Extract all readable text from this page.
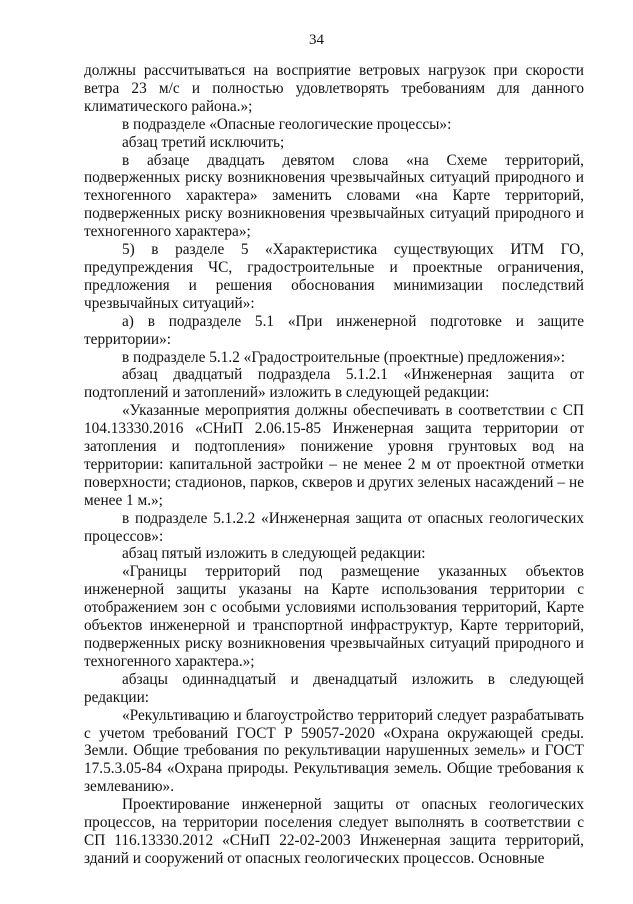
34

должны рассчитываться на восприятие ветровых нагрузок при скорости ветра 23 м/с и полностью удовлетворять требованиям для данного климатического района.»;

в подразделе «Опасные геологические процессы»:

абзац третий исключить;

в абзаце двадцать девятом слова «на Схеме территорий, подверженных риску возникновения чрезвычайных ситуаций природного и техногенного характера» заменить словами «на Карте территорий, подверженных риску возникновения чрезвычайных ситуаций природного и техногенного характера»;

5) в разделе 5 «Характеристика существующих ИТМ ГО, предупреждения ЧС, градостроительные и проектные ограничения, предложения и решения обоснования минимизации последствий чрезвычайных ситуаций»:

а) в подразделе 5.1 «При инженерной подготовке и защите территории»:

в подразделе 5.1.2 «Градостроительные (проектные) предложения»:

абзац двадцатый подраздела 5.1.2.1 «Инженерная защита от подтоплений и затоплений» изложить в следующей редакции:

«Указанные мероприятия должны обеспечивать в соответствии с СП 104.13330.2016 «СНиП 2.06.15-85 Инженерная защита территории от затопления и подтопления» понижение уровня грунтовых вод на территории: капитальной застройки – не менее 2 м от проектной отметки поверхности; стадионов, парков, скверов и других зеленых насаждений – не менее 1 м.»;

в подразделе 5.1.2.2 «Инженерная защита от опасных геологических процессов»:

абзац пятый изложить в следующей редакции:

«Границы территорий под размещение указанных объектов инженерной защиты указаны на Карте использования территории с отображением зон с особыми условиями использования территорий, Карте объектов инженерной и транспортной инфраструктур, Карте территорий, подверженных риску возникновения чрезвычайных ситуаций природного и техногенного характера.»;

абзацы одиннадцатый и двенадцатый изложить в следующей редакции:

«Рекультивацию и благоустройство территорий следует разрабатывать с учетом требований ГОСТ Р 59057-2020 «Охрана окружающей среды. Земли. Общие требования по рекультивации нарушенных земель» и ГОСТ 17.5.3.05-84 «Охрана природы. Рекультивация земель. Общие требования к землеванию».

Проектирование инженерной защиты от опасных геологических процессов, на территории поселения следует выполнять в соответствии с СП 116.13330.2012 «СНиП 22-02-2003 Инженерная защита территорий, зданий и сооружений от опасных геологических процессов. Основные
